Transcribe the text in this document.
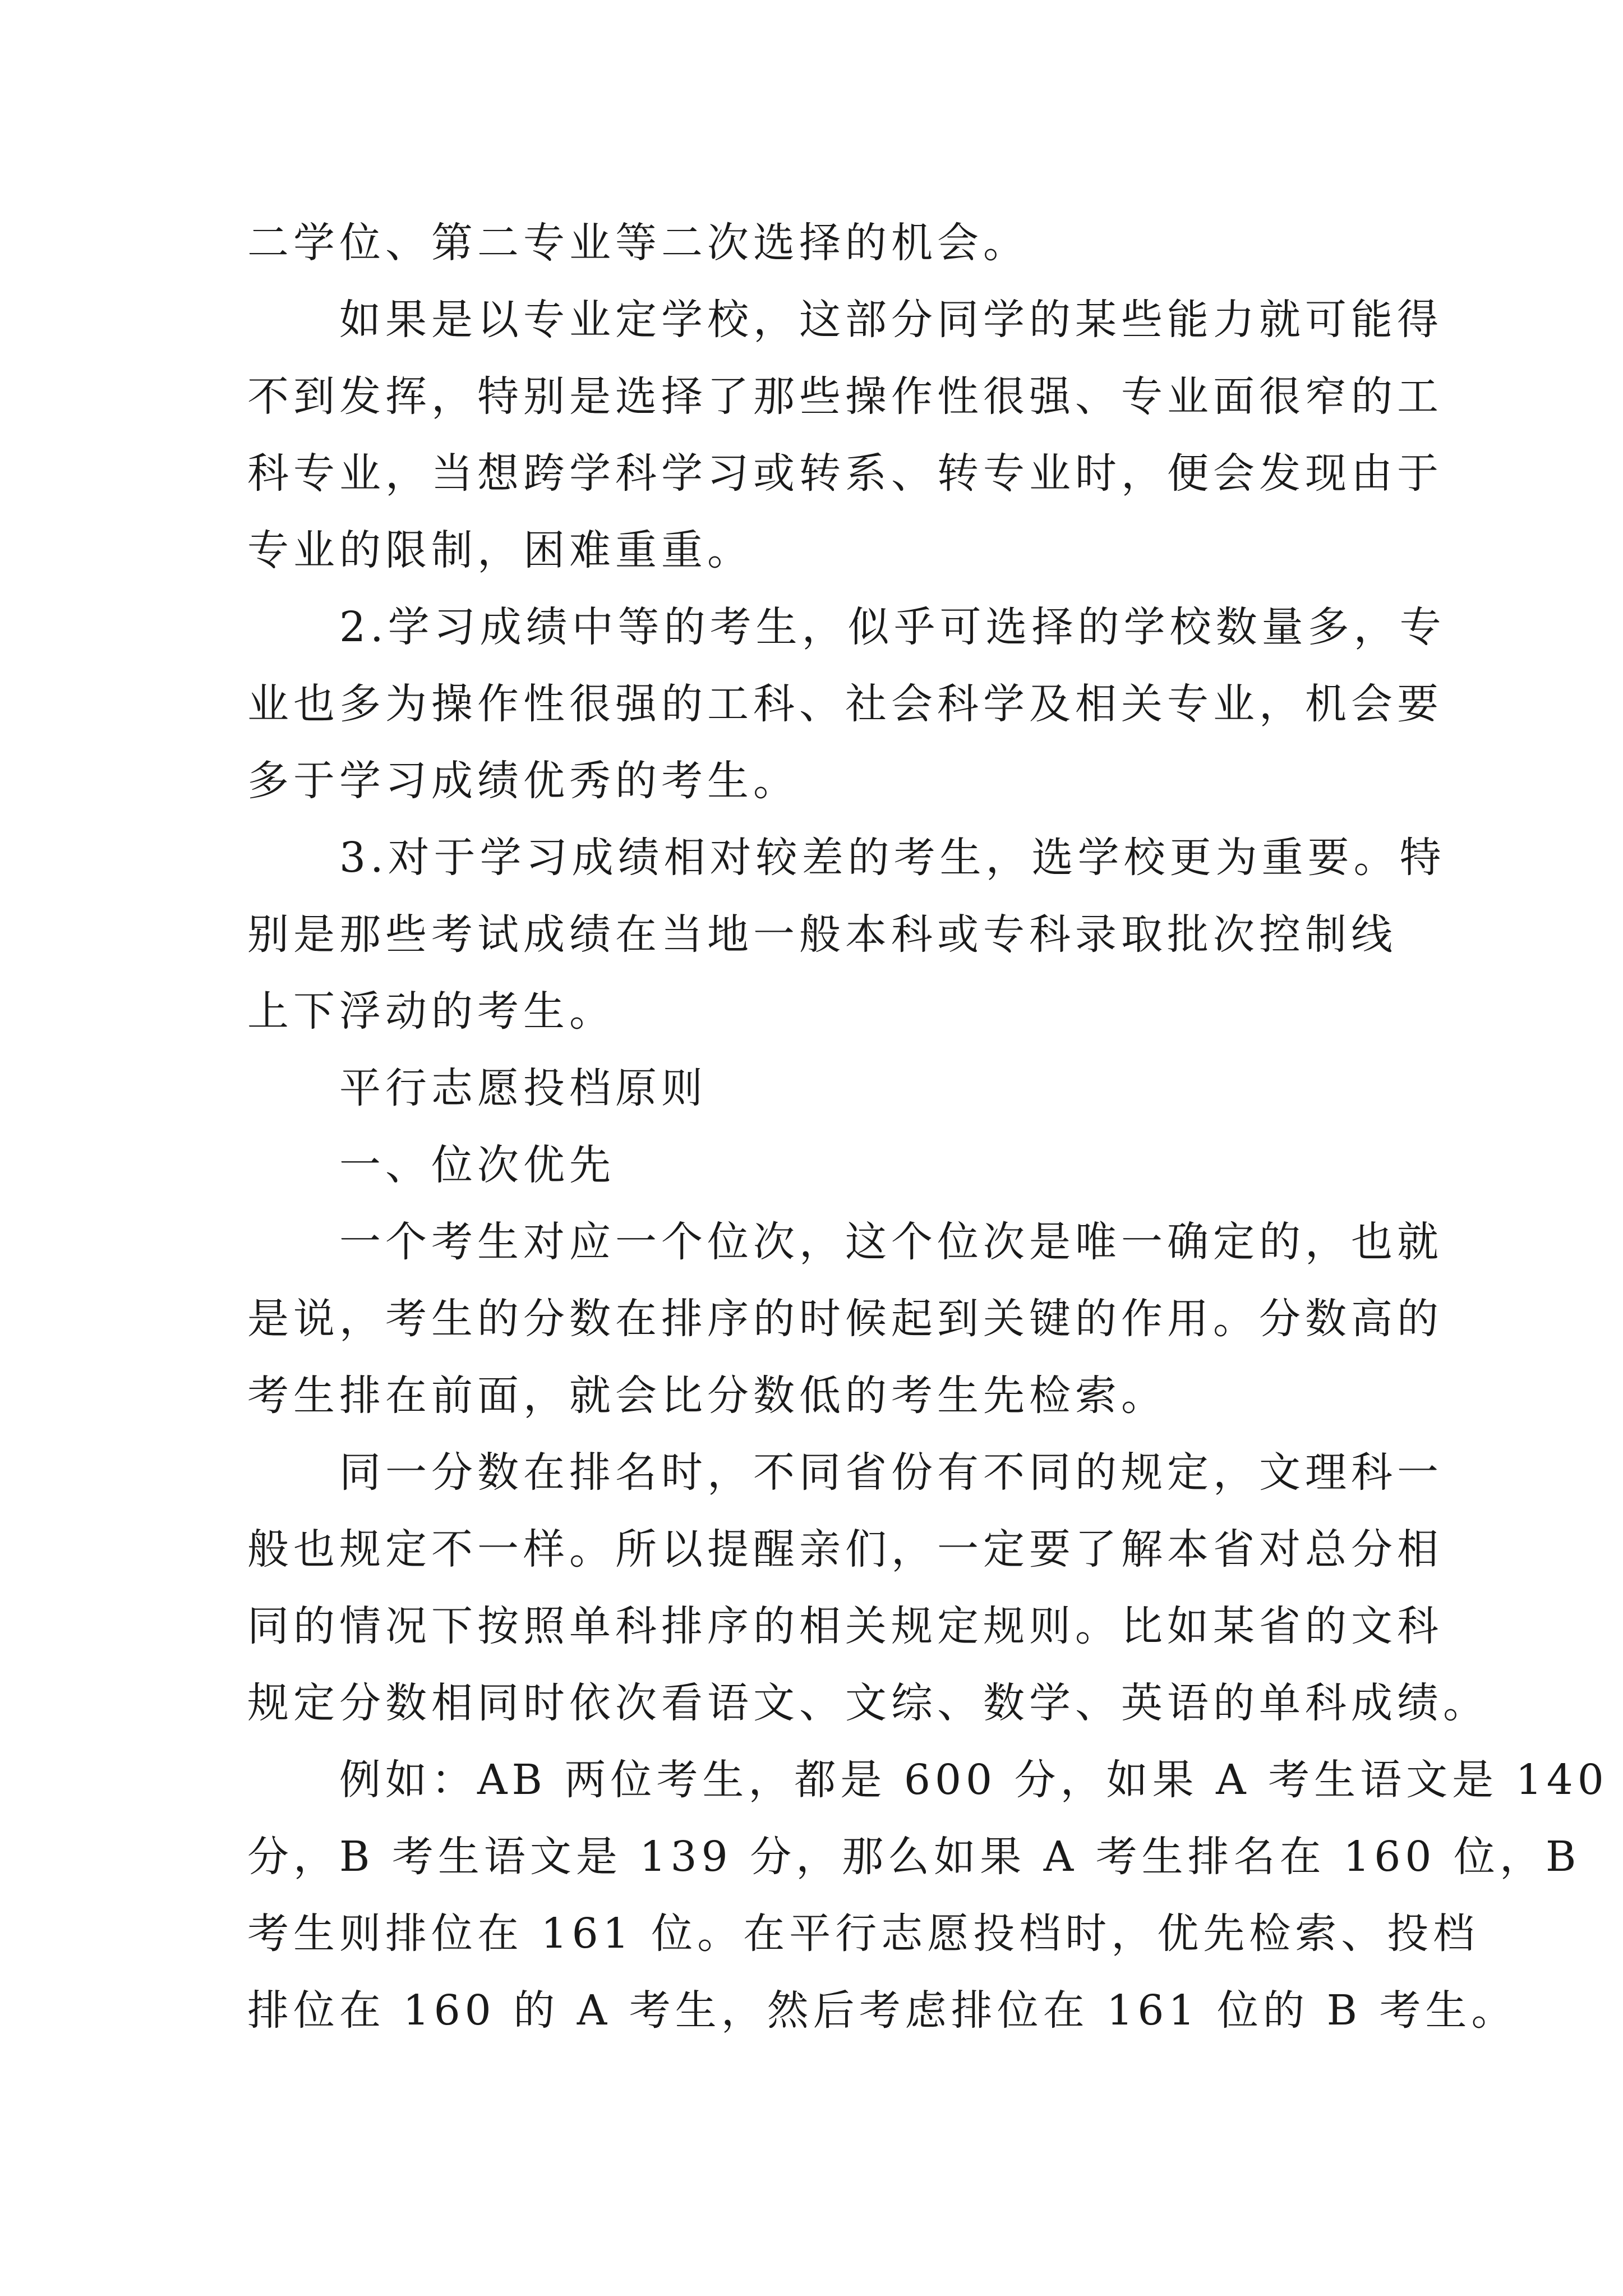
二学位、第二专业等二次选择的机会。
如果是以专业定学校，这部分同学的某些能力就可能得
不到发挥，特别是选择了那些操作性很强、专业面很窄的工
科专业，当想跨学科学习或转系、转专业时，便会发现由于
专业的限制，困难重重。
2.学习成绩中等的考生，似乎可选择的学校数量多，专
业也多为操作性很强的工科、社会科学及相关专业，机会要
多于学习成绩优秀的考生。
3.对于学习成绩相对较差的考生，选学校更为重要。特
别是那些考试成绩在当地一般本科或专科录取批次控制线
上下浮动的考生。
平行志愿投档原则
一、位次优先
一个考生对应一个位次，这个位次是唯一确定的，也就
是说，考生的分数在排序的时候起到关键的作用。分数高的
考生排在前面，就会比分数低的考生先检索。
同一分数在排名时，不同省份有不同的规定，文理科一
般也规定不一样。所以提醒亲们，一定要了解本省对总分相
同的情况下按照单科排序的相关规定规则。比如某省的文科
规定分数相同时依次看语文、文综、数学、英语的单科成绩。
例如：AB 两位考生，都是 600 分，如果 A 考生语文是 140
分，B 考生语文是 139 分，那么如果 A 考生排名在 160 位，B
考生则排位在 161 位。在平行志愿投档时，优先检索、投档
排位在 160 的 A 考生，然后考虑排位在 161 位的 B 考生。
